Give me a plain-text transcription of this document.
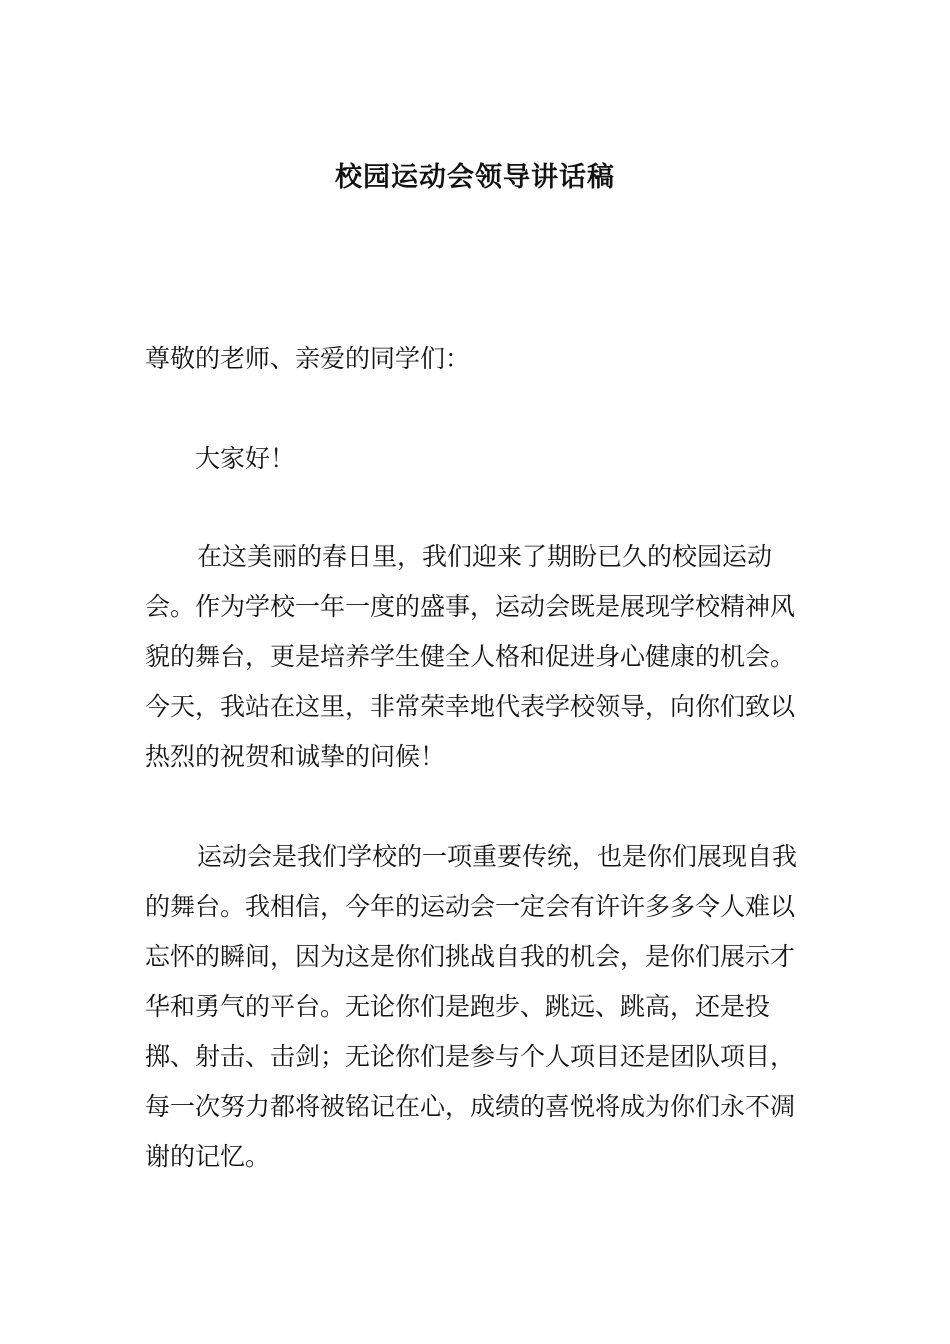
校园运动会领导讲话稿

尊敬的老师、亲爱的同学们：

大家好！

在这美丽的春日里，我们迎来了期盼已久的校园运动会。作为学校一年一度的盛事，运动会既是展现学校精神风貌的舞台，更是培养学生健全人格和促进身心健康的机会。今天，我站在这里，非常荣幸地代表学校领导，向你们致以热烈的祝贺和诚挚的问候！

运动会是我们学校的一项重要传统，也是你们展现自我的舞台。我相信，今年的运动会一定会有许许多多令人难以忘怀的瞬间，因为这是你们挑战自我的机会，是你们展示才华和勇气的平台。无论你们是跑步、跳远、跳高，还是投掷、射击、击剑；无论你们是参与个人项目还是团队项目，每一次努力都将被铭记在心，成绩的喜悦将成为你们永不凋谢的记忆。
